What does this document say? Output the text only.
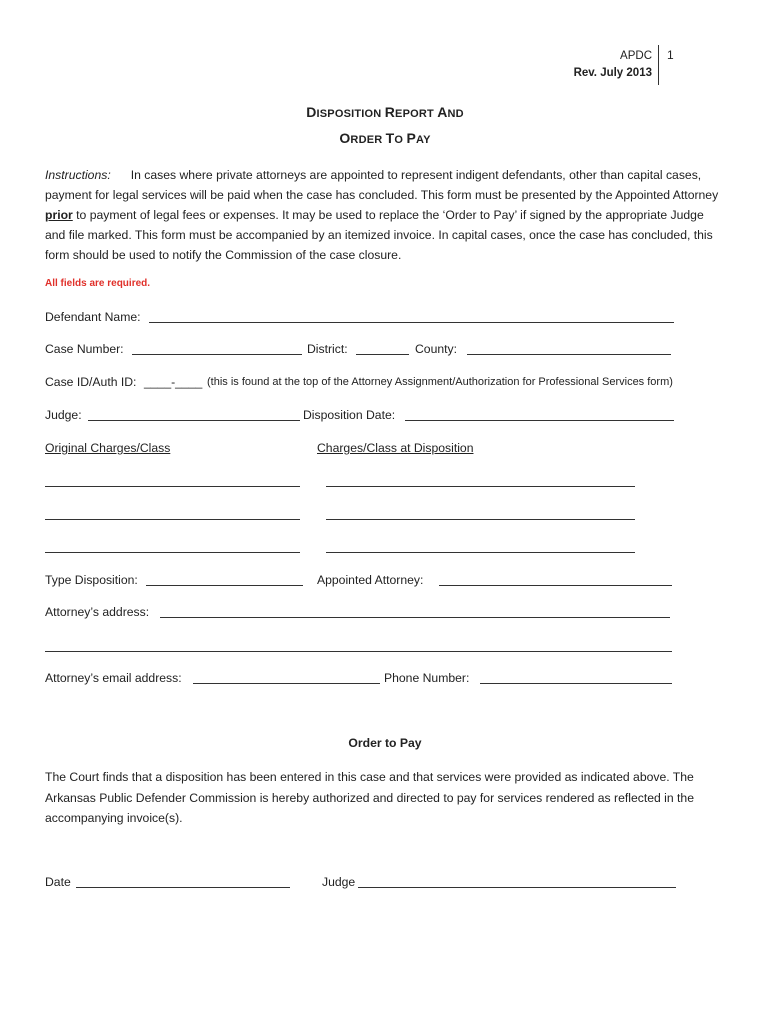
APDC
Rev. July 2013
1
DISPOSITION REPORT AND
ORDER TO PAY
Instructions: In cases where private attorneys are appointed to represent indigent defendants, other than capital cases, payment for legal services will be paid when the case has concluded. This form must be presented by the Appointed Attorney prior to payment of legal fees or expenses. It may be used to replace the ‘Order to Pay’ if signed by the appropriate Judge and file marked. This form must be accompanied by an itemized invoice. In capital cases, once the case has concluded, this form should be used to notify the Commission of the case closure.
All fields are required.
Defendant Name:
Case Number:	District:	County:
Case ID/Auth ID: ____-____ (this is found at the top of the Attorney Assignment/Authorization for Professional Services form)
Judge:	Disposition Date:
Original Charges/Class	Charges/Class at Disposition
Type Disposition:	Appointed Attorney:
Attorney’s address:
Attorney’s email address:	Phone Number:
Order to Pay
The Court finds that a disposition has been entered in this case and that services were provided as indicated above. The Arkansas Public Defender Commission is hereby authorized and directed to pay for services rendered as reflected in the accompanying invoice(s).
Date	Judge
